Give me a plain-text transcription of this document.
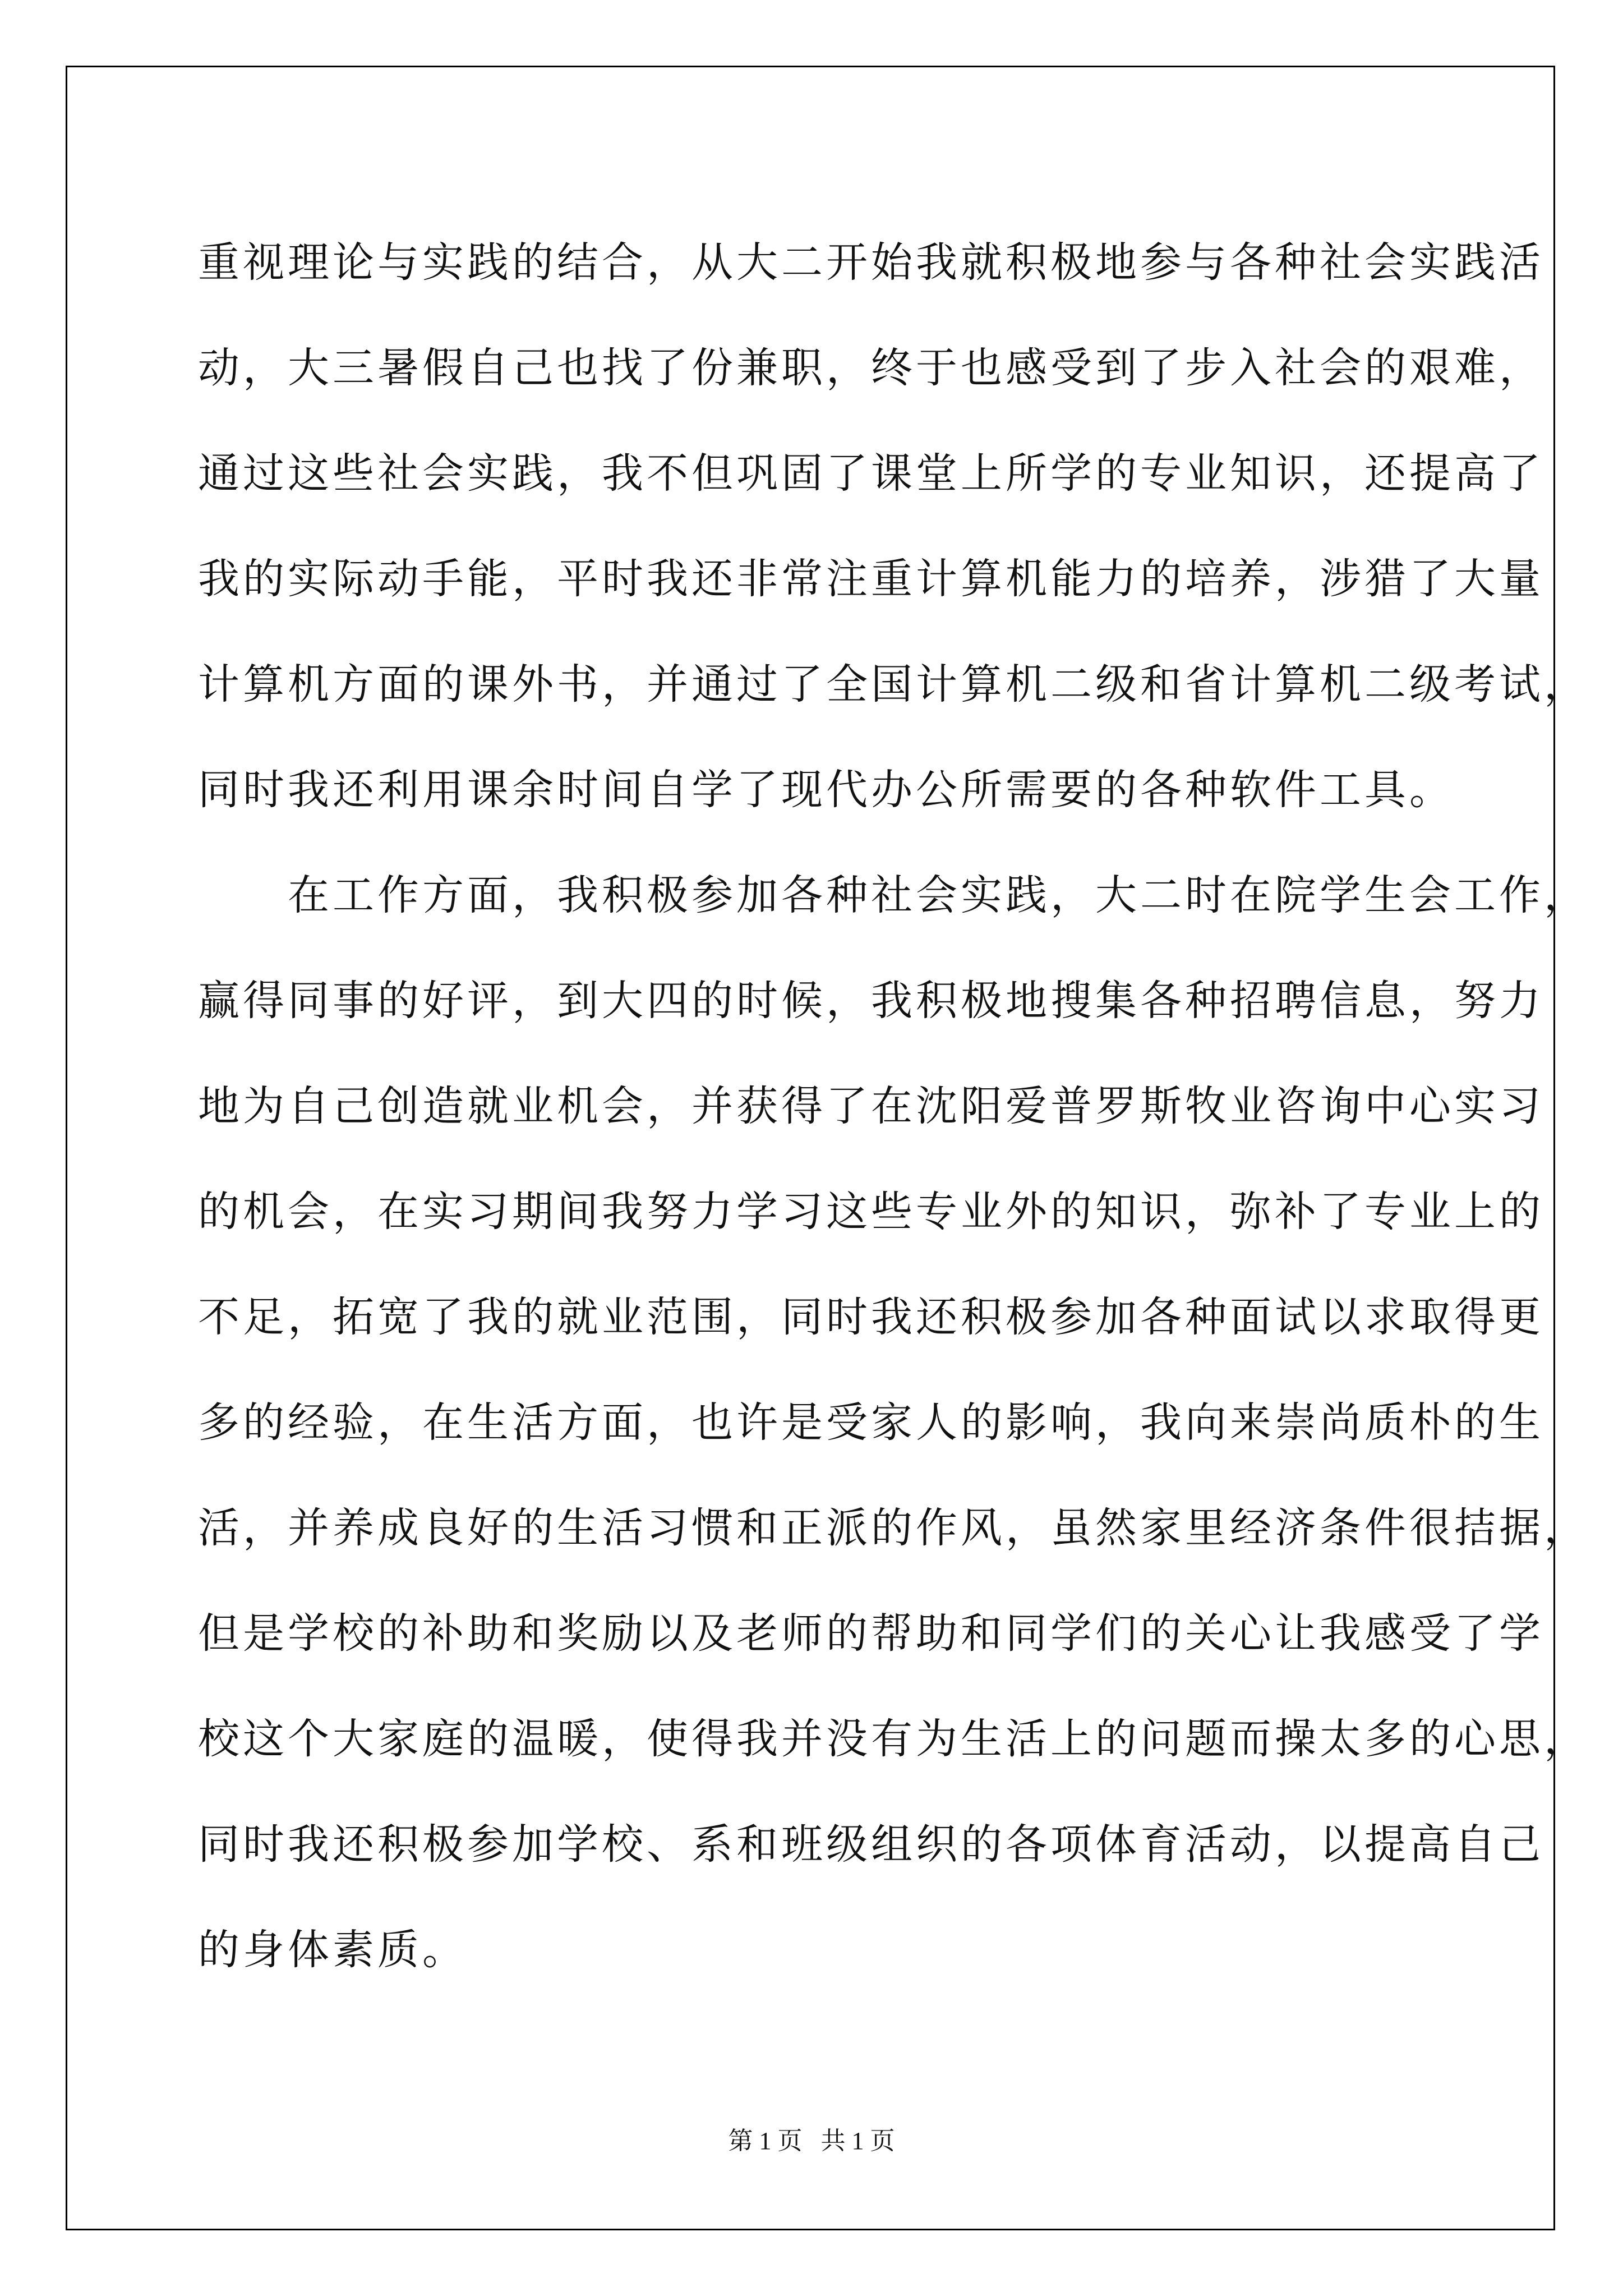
重视理论与实践的结合，从大二开始我就积极地参与各种社会实践活
动，大三暑假自己也找了份兼职，终于也感受到了步入社会的艰难，
通过这些社会实践，我不但巩固了课堂上所学的专业知识，还提高了
我的实际动手能，平时我还非常注重计算机能力的培养，涉猎了大量
计算机方面的课外书，并通过了全国计算机二级和省计算机二级考试，
同时我还利用课余时间自学了现代办公所需要的各种软件工具。
　　在工作方面，我积极参加各种社会实践，大二时在院学生会工作，
赢得同事的好评，到大四的时候，我积极地搜集各种招聘信息，努力
地为自己创造就业机会，并获得了在沈阳爱普罗斯牧业咨询中心实习
的机会，在实习期间我努力学习这些专业外的知识，弥补了专业上的
不足，拓宽了我的就业范围，同时我还积极参加各种面试以求取得更
多的经验，在生活方面，也许是受家人的影响，我向来崇尚质朴的生
活，并养成良好的生活习惯和正派的作风，虽然家里经济条件很拮据，
但是学校的补助和奖励以及老师的帮助和同学们的关心让我感受了学
校这个大家庭的温暖，使得我并没有为生活上的问题而操太多的心思，
同时我还积极参加学校、系和班级组织的各项体育活动，以提高自己
的身体素质。
第 1 页   共 1 页
